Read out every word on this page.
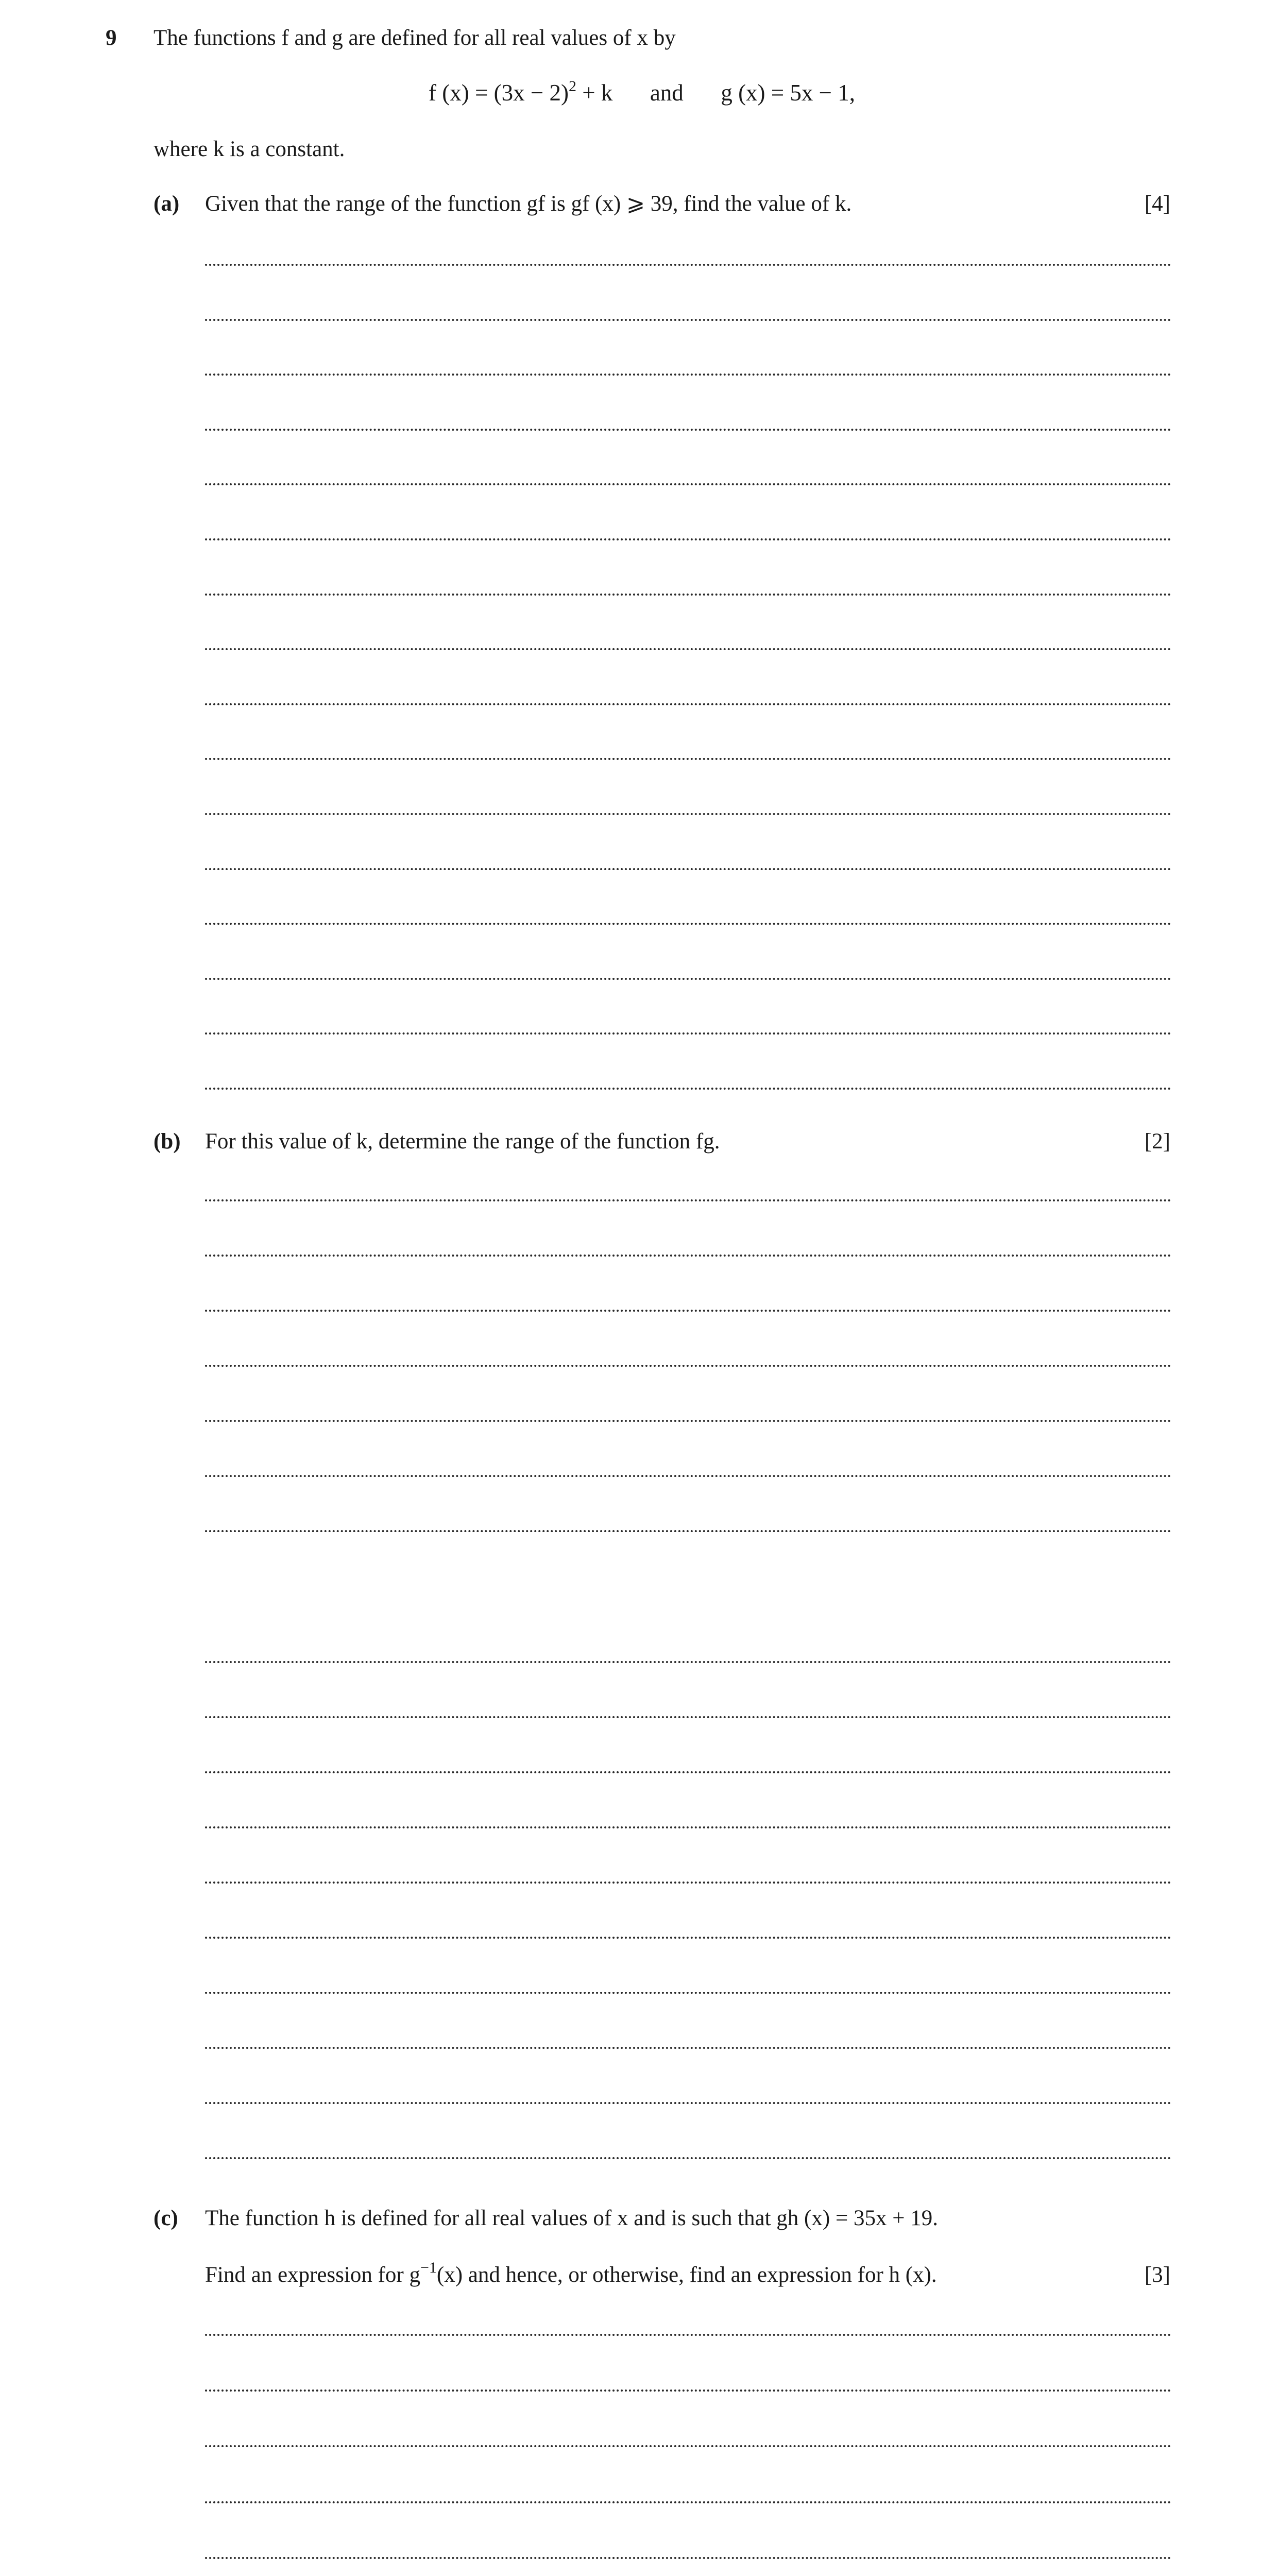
9 The functions f and g are defined for all real values of x by
f $(x) = (3x - 2)^2 + k$ and g (x) = 5x − 1,
where k is a constant.
(a) Given that the range of the function gf is gf (x) ⩾ 39, find the value of k.	[4]
(b) For this value of k, determine the range of the function fg.	[2]
(c) The function h is defined for all real values of x and is such that gh (x) = 35x + 19.
Find an expression for $g^{-1}(x)$ and hence, or otherwise, find an expression for h (x).	[3]
